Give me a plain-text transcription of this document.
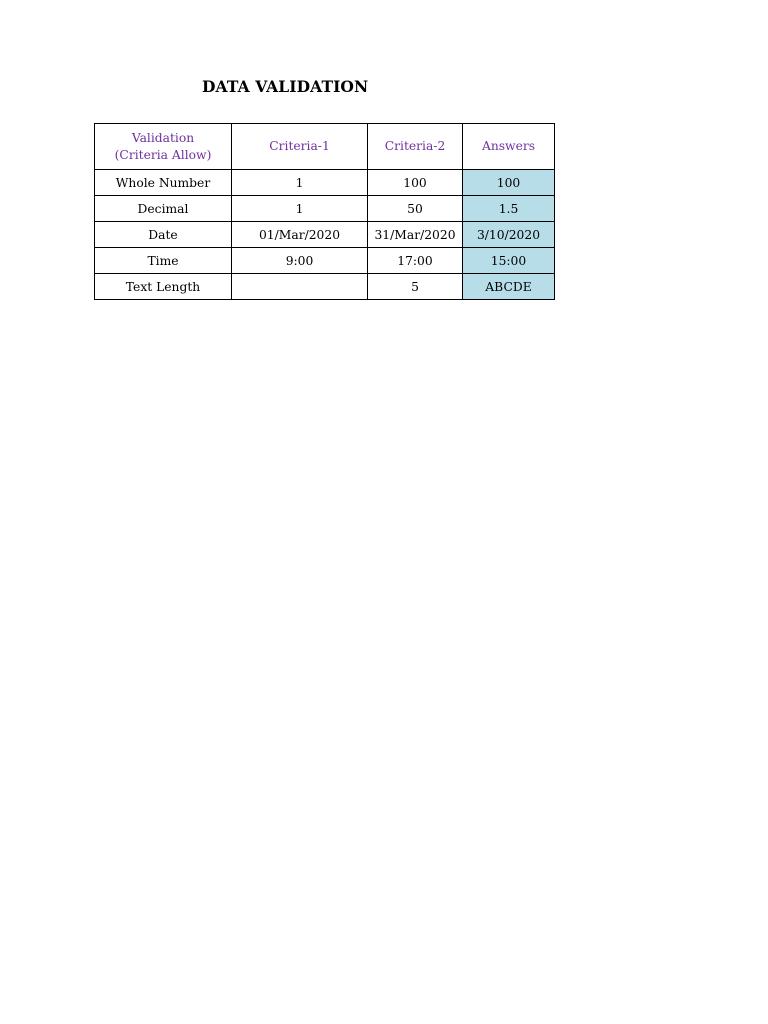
DATA VALIDATION
Validation
(Criteria Allow)	Criteria-1	Criteria-2	Answers
Whole Number	1	100	100
Decimal	1	50	1.5
Date	01/Mar/2020	31/Mar/2020	3/10/2020
Time	9:00	17:00	15:00
Text Length		5	ABCDE
